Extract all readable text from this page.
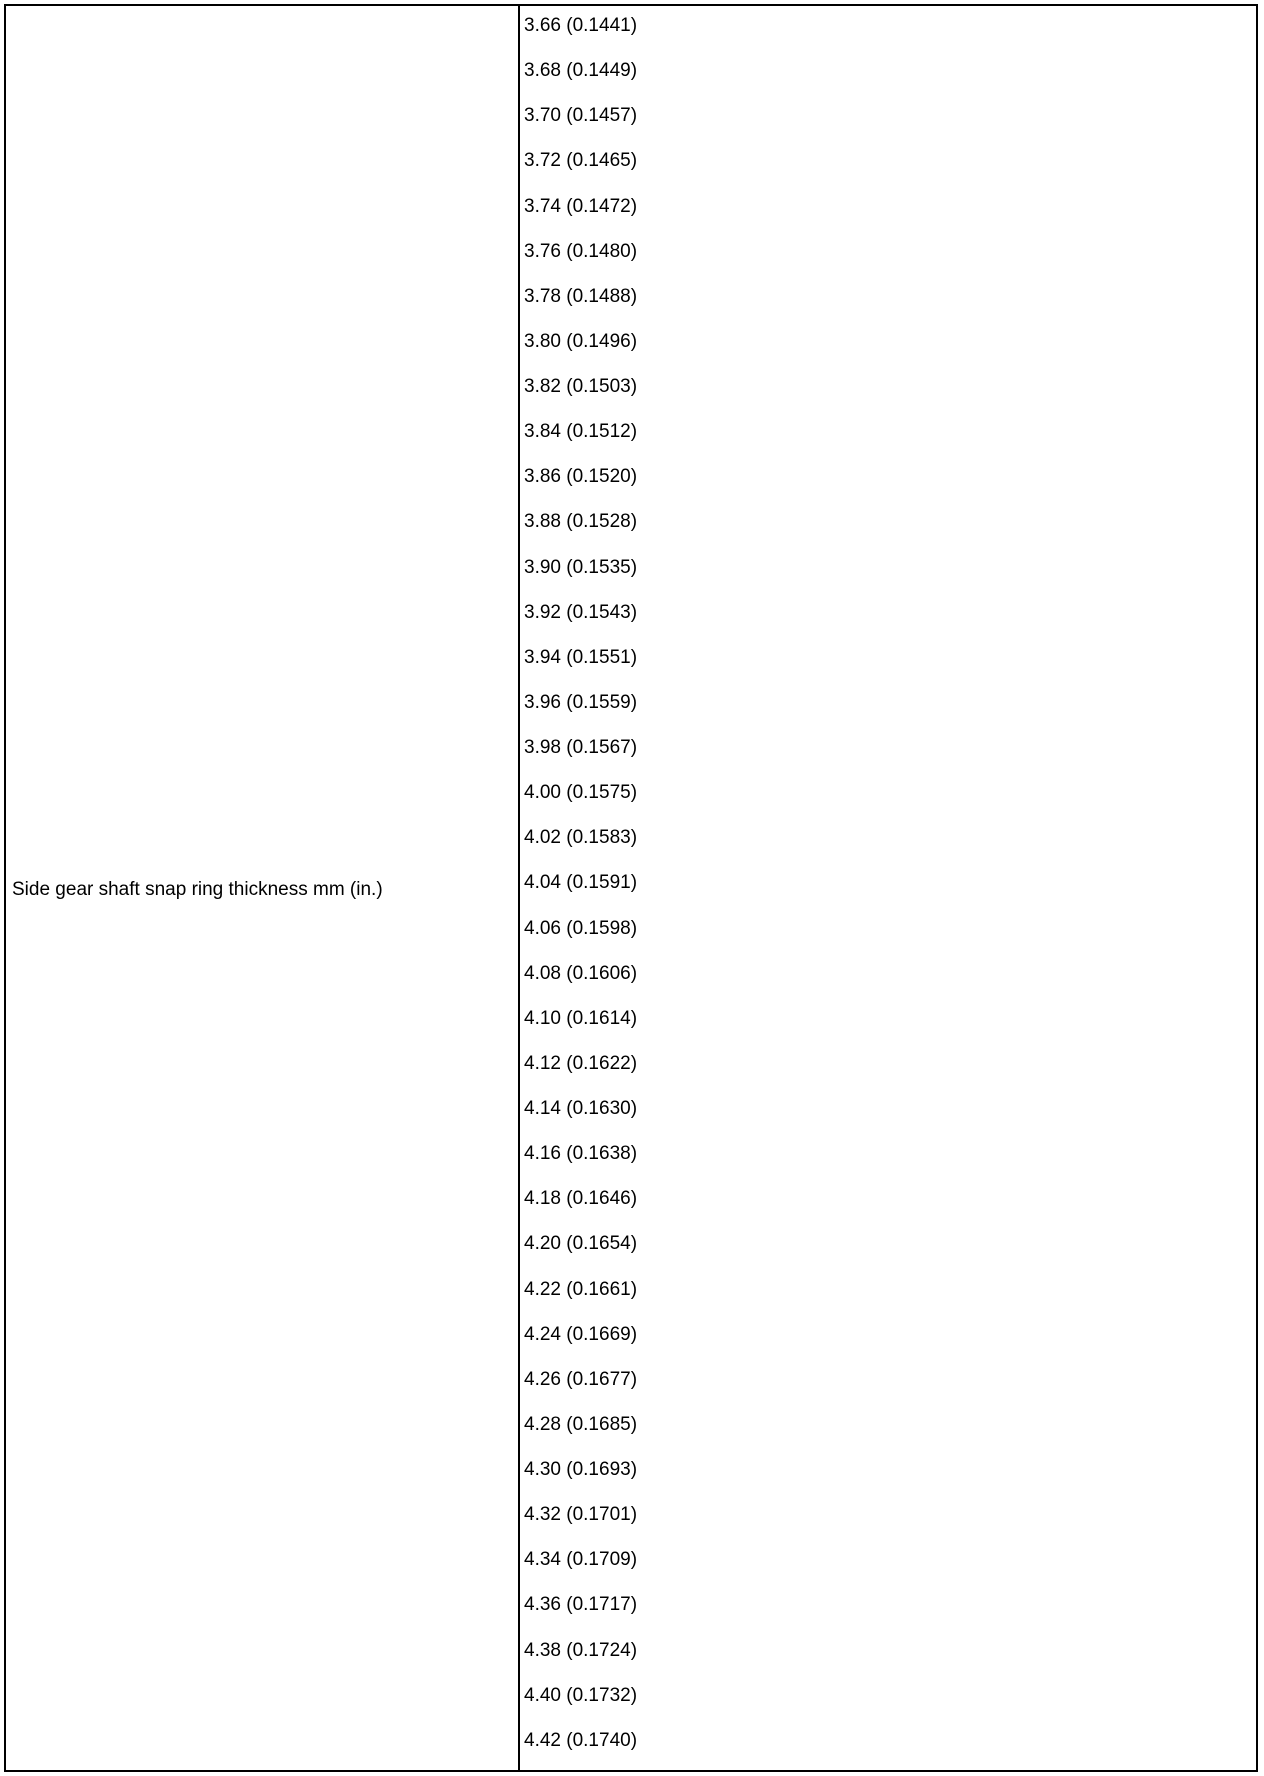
Side gear shaft snap ring thickness mm (in.)
3.66 (0.1441)
3.68 (0.1449)
3.70 (0.1457)
3.72 (0.1465)
3.74 (0.1472)
3.76 (0.1480)
3.78 (0.1488)
3.80 (0.1496)
3.82 (0.1503)
3.84 (0.1512)
3.86 (0.1520)
3.88 (0.1528)
3.90 (0.1535)
3.92 (0.1543)
3.94 (0.1551)
3.96 (0.1559)
3.98 (0.1567)
4.00 (0.1575)
4.02 (0.1583)
4.04 (0.1591)
4.06 (0.1598)
4.08 (0.1606)
4.10 (0.1614)
4.12 (0.1622)
4.14 (0.1630)
4.16 (0.1638)
4.18 (0.1646)
4.20 (0.1654)
4.22 (0.1661)
4.24 (0.1669)
4.26 (0.1677)
4.28 (0.1685)
4.30 (0.1693)
4.32 (0.1701)
4.34 (0.1709)
4.36 (0.1717)
4.38 (0.1724)
4.40 (0.1732)
4.42 (0.1740)
